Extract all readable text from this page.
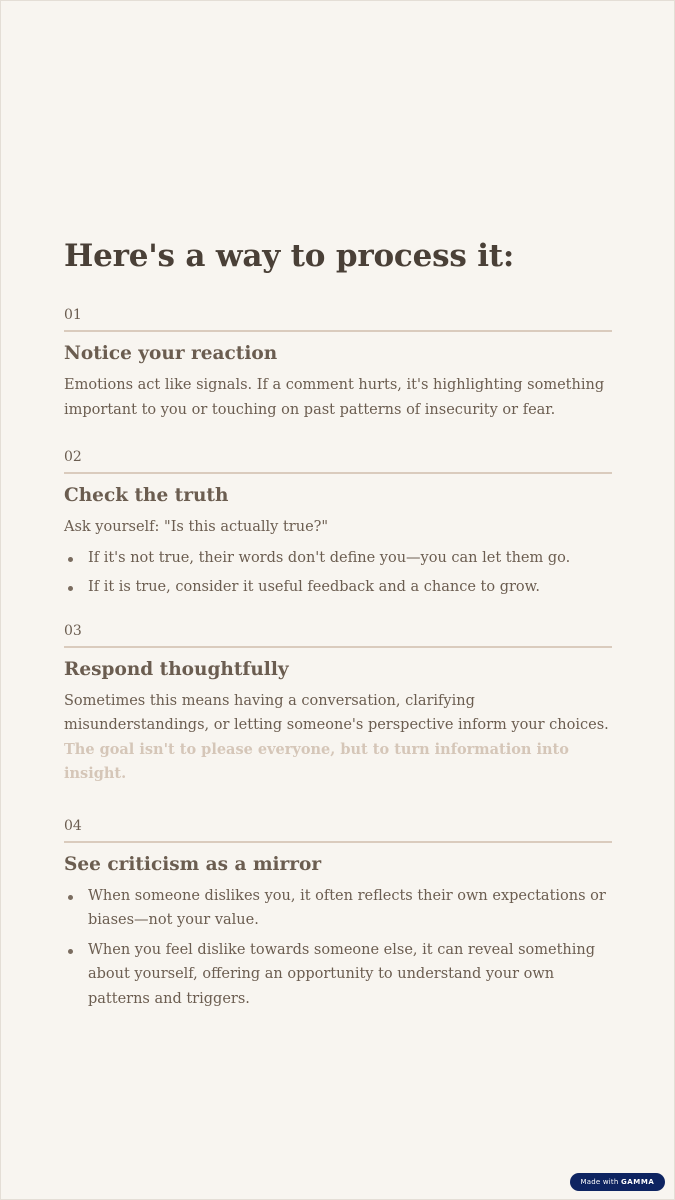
Here's a way to process it:
01
Notice your reaction

Emotions act like signals. If a comment hurts, it's highlighting something important to you or touching on past patterns of insecurity or fear.

02
Check the truth

Ask yourself: "Is this actually true?"

If it's not true, their words don't define you—you can let them go.
If it is true, consider it useful feedback and a chance to grow.
03
Respond thoughtfully

Sometimes this means having a conversation, clarifying misunderstandings, or letting someone's perspective inform your choices. The goal isn't to please everyone, but to turn information into insight.

04
See criticism as a mirror
When someone dislikes you, it often reflects their own expectations or biases—not your value.
When you feel dislike towards someone else, it can reveal something about yourself, offering an opportunity to understand your own patterns and triggers.
Made with GAMMA
